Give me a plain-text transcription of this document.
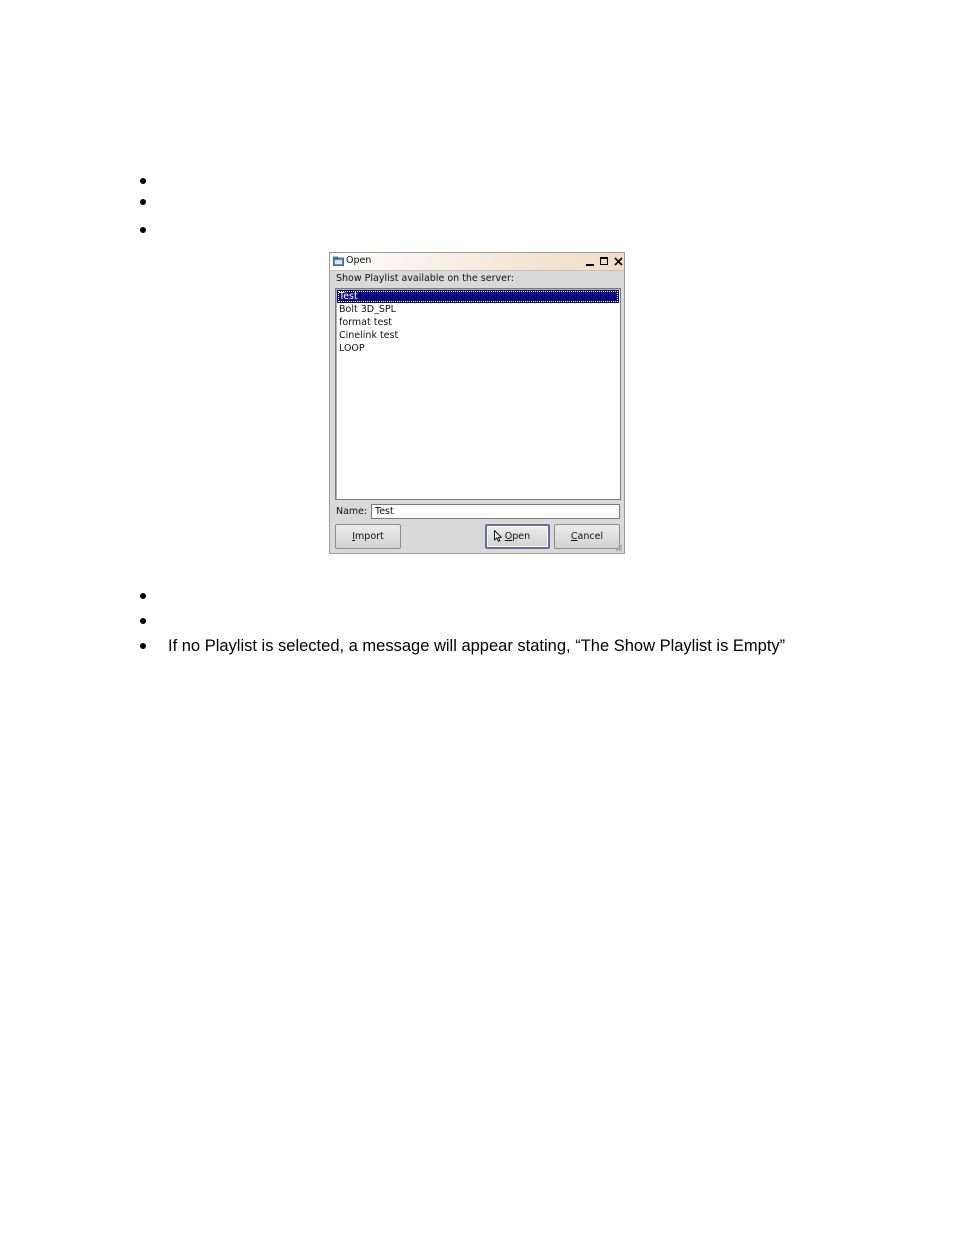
Open
Show Playlist available on the server:
Test
Bolt 3D_SPL
format test
Cinelink test
LOOP
Name: Test
I mport	O pen	C ancel
If no Playlist is selected, a message will appear stating, “The Show Playlist is Empty”
